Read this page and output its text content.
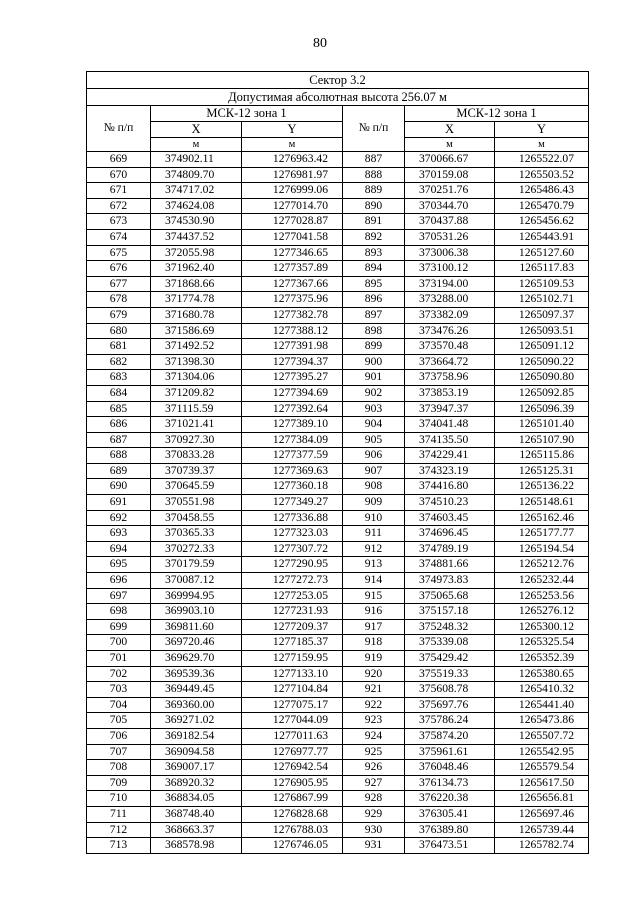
80
Сектор 3.2					
Допустимая абсолютная высота 256.07 м					
№ п/п	МСК-12 зона 1		№ п/п	МСК-12 зона 1	
	X	Y		X	Y
	м	м		м	м
669	374902.11	1276963.42	887	370066.67	1265522.07
670	374809.70	1276981.97	888	370159.08	1265503.52
671	374717.02	1276999.06	889	370251.76	1265486.43
672	374624.08	1277014.70	890	370344.70	1265470.79
673	374530.90	1277028.87	891	370437.88	1265456.62
674	374437.52	1277041.58	892	370531.26	1265443.91
675	372055.98	1277346.65	893	373006.38	1265127.60
676	371962.40	1277357.89	894	373100.12	1265117.83
677	371868.66	1277367.66	895	373194.00	1265109.53
678	371774.78	1277375.96	896	373288.00	1265102.71
679	371680.78	1277382.78	897	373382.09	1265097.37
680	371586.69	1277388.12	898	373476.26	1265093.51
681	371492.52	1277391.98	899	373570.48	1265091.12
682	371398.30	1277394.37	900	373664.72	1265090.22
683	371304.06	1277395.27	901	373758.96	1265090.80
684	371209.82	1277394.69	902	373853.19	1265092.85
685	371115.59	1277392.64	903	373947.37	1265096.39
686	371021.41	1277389.10	904	374041.48	1265101.40
687	370927.30	1277384.09	905	374135.50	1265107.90
688	370833.28	1277377.59	906	374229.41	1265115.86
689	370739.37	1277369.63	907	374323.19	1265125.31
690	370645.59	1277360.18	908	374416.80	1265136.22
691	370551.98	1277349.27	909	374510.23	1265148.61
692	370458.55	1277336.88	910	374603.45	1265162.46
693	370365.33	1277323.03	911	374696.45	1265177.77
694	370272.33	1277307.72	912	374789.19	1265194.54
695	370179.59	1277290.95	913	374881.66	1265212.76
696	370087.12	1277272.73	914	374973.83	1265232.44
697	369994.95	1277253.05	915	375065.68	1265253.56
698	369903.10	1277231.93	916	375157.18	1265276.12
699	369811.60	1277209.37	917	375248.32	1265300.12
700	369720.46	1277185.37	918	375339.08	1265325.54
701	369629.70	1277159.95	919	375429.42	1265352.39
702	369539.36	1277133.10	920	375519.33	1265380.65
703	369449.45	1277104.84	921	375608.78	1265410.32
704	369360.00	1277075.17	922	375697.76	1265441.40
705	369271.02	1277044.09	923	375786.24	1265473.86
706	369182.54	1277011.63	924	375874.20	1265507.72
707	369094.58	1276977.77	925	375961.61	1265542.95
708	369007.17	1276942.54	926	376048.46	1265579.54
709	368920.32	1276905.95	927	376134.73	1265617.50
710	368834.05	1276867.99	928	376220.38	1265656.81
711	368748.40	1276828.68	929	376305.41	1265697.46
712	368663.37	1276788.03	930	376389.80	1265739.44
713	368578.98	1276746.05	931	376473.51	1265782.74
